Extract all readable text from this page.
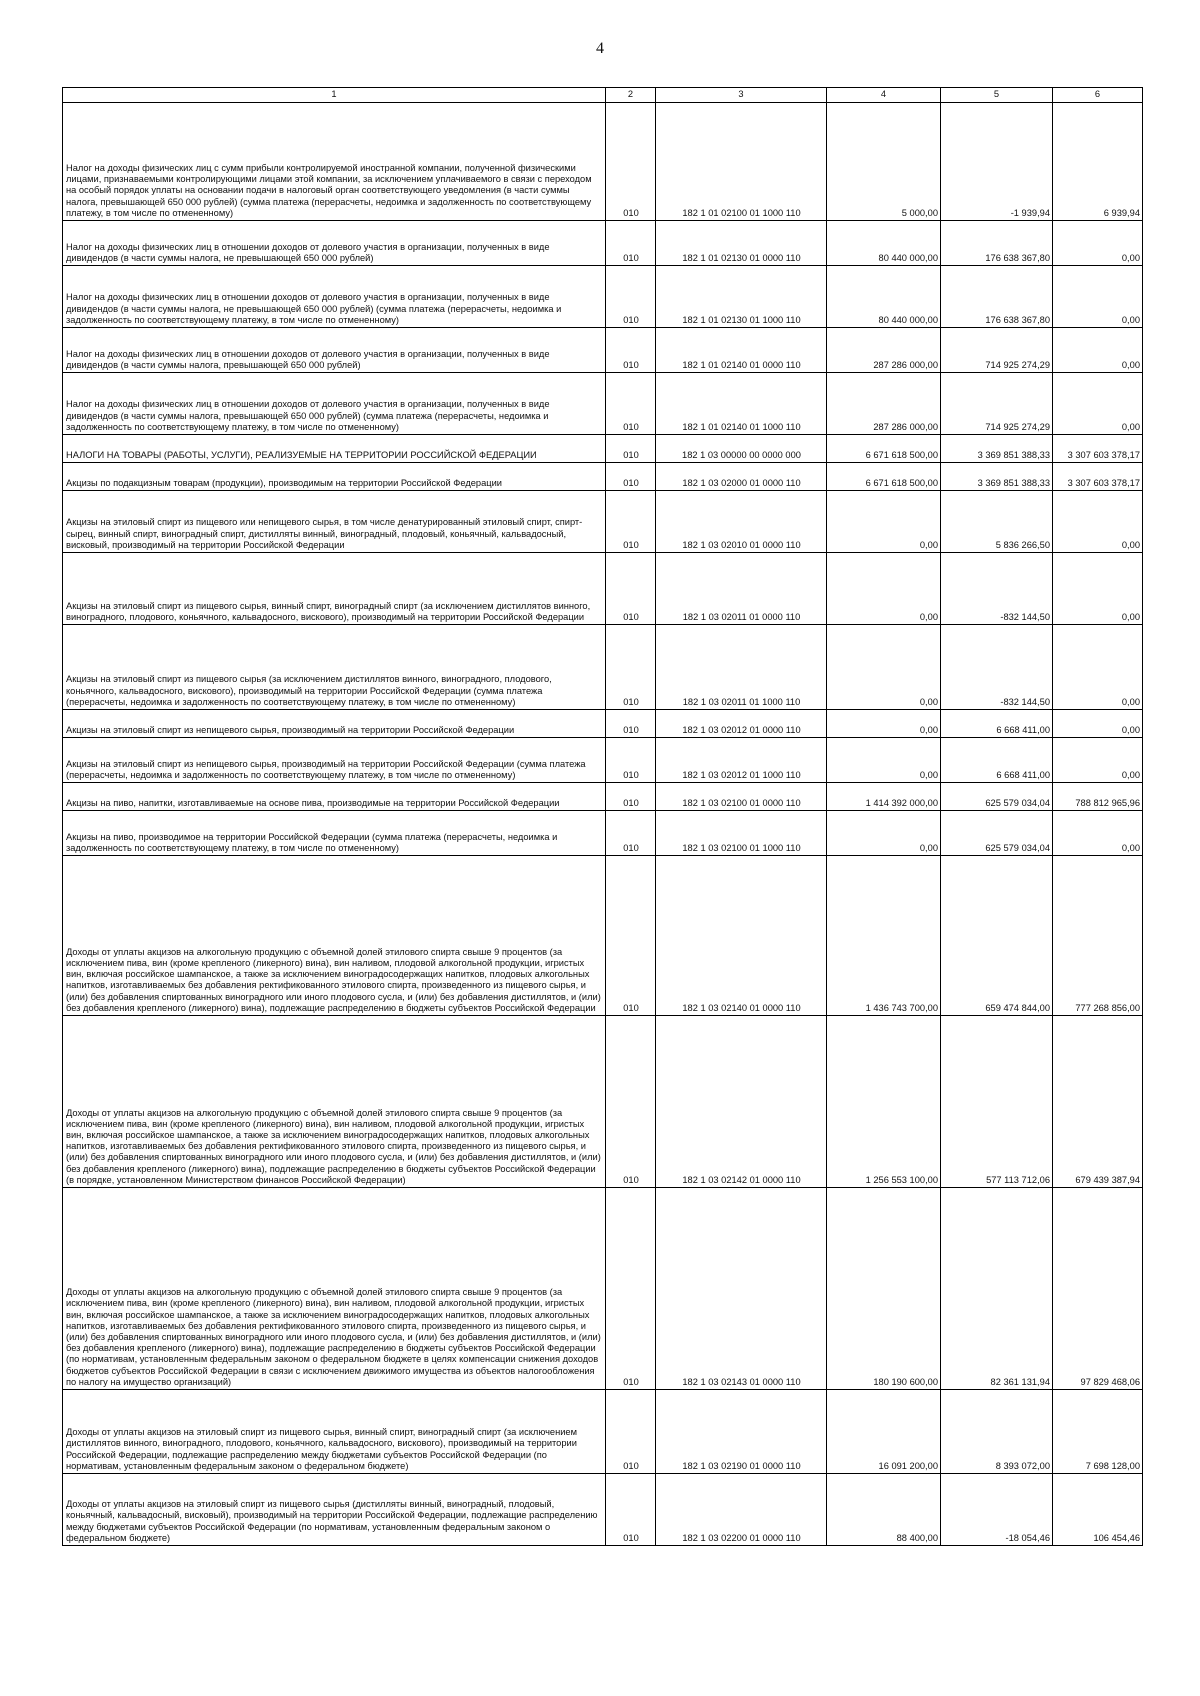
4
1	2	3	4	5	6
Налог на доходы физических лиц с сумм прибыли контролируемой иностранной компании, полученной физическими лицами, признаваемыми контролирующими лицами этой компании, за исключением уплачиваемого в связи с переходом на особый порядок уплаты на основании подачи в налоговый орган соответствующего уведомления (в части суммы налога, превышающей 650 000 рублей) (сумма платежа (перерасчеты, недоимка и задолженность по соответствующему платежу, в том числе по отмененному)	010	182 1 01 02100 01 1000 110	5 000,00	-1 939,94	6 939,94
Налог на доходы физических лиц в отношении доходов от долевого участия в организации, полученных в виде дивидендов (в части суммы налога, не превышающей 650 000 рублей)	010	182 1 01 02130 01 0000 110	80 440 000,00	176 638 367,80	0,00
Налог на доходы физических лиц в отношении доходов от долевого участия в организации, полученных в виде дивидендов (в части суммы налога, не превышающей 650 000 рублей) (сумма платежа (перерасчеты, недоимка и задолженность по соответствующему платежу, в том числе по отмененному)	010	182 1 01 02130 01 1000 110	80 440 000,00	176 638 367,80	0,00
Налог на доходы физических лиц в отношении доходов от долевого участия в организации, полученных в виде дивидендов (в части суммы налога, превышающей 650 000 рублей)	010	182 1 01 02140 01 0000 110	287 286 000,00	714 925 274,29	0,00
Налог на доходы физических лиц в отношении доходов от долевого участия в организации, полученных в виде дивидендов (в части суммы налога, превышающей 650 000 рублей) (сумма платежа (перерасчеты, недоимка и задолженность по соответствующему платежу, в том числе по отмененному)	010	182 1 01 02140 01 1000 110	287 286 000,00	714 925 274,29	0,00
НАЛОГИ НА ТОВАРЫ (РАБОТЫ, УСЛУГИ), РЕАЛИЗУЕМЫЕ НА ТЕРРИТОРИИ РОССИЙСКОЙ ФЕДЕРАЦИИ	010	182 1 03 00000 00 0000 000	6 671 618 500,00	3 369 851 388,33	3 307 603 378,17
Акцизы по подакцизным товарам (продукции), производимым на территории Российской Федерации	010	182 1 03 02000 01 0000 110	6 671 618 500,00	3 369 851 388,33	3 307 603 378,17
Акцизы на этиловый спирт из пищевого или непищевого сырья, в том числе денатурированный этиловый спирт, спирт-сырец, винный спирт, виноградный спирт, дистилляты винный, виноградный, плодовый, коньячный, кальвадосный, висковый, производимый на территории Российской Федерации	010	182 1 03 02010 01 0000 110	0,00	5 836 266,50	0,00
Акцизы на этиловый спирт из пищевого сырья, винный спирт, виноградный спирт (за исключением дистиллятов винного, виноградного, плодового, коньячного, кальвадосного, вискового), производимый на территории Российской Федерации	010	182 1 03 02011 01 0000 110	0,00	-832 144,50	0,00
Акцизы на этиловый спирт из пищевого сырья (за исключением дистиллятов винного, виноградного, плодового, коньячного, кальвадосного, вискового), производимый на территории Российской Федерации (сумма платежа (перерасчеты, недоимка и задолженность по соответствующему платежу, в том числе по отмененному)	010	182 1 03 02011 01 1000 110	0,00	-832 144,50	0,00
Акцизы на этиловый спирт из непищевого сырья, производимый на территории Российской Федерации	010	182 1 03 02012 01 0000 110	0,00	6 668 411,00	0,00
Акцизы на этиловый спирт из непищевого сырья, производимый на территории Российской Федерации (сумма платежа (перерасчеты, недоимка и задолженность по соответствующему платежу, в том числе по отмененному)	010	182 1 03 02012 01 1000 110	0,00	6 668 411,00	0,00
Акцизы на пиво, напитки, изготавливаемые на основе пива, производимые на территории Российской Федерации	010	182 1 03 02100 01 0000 110	1 414 392 000,00	625 579 034,04	788 812 965,96
Акцизы на пиво, производимое на территории Российской Федерации (сумма платежа (перерасчеты, недоимка и задолженность по соответствующему платежу, в том числе по отмененному)	010	182 1 03 02100 01 1000 110	0,00	625 579 034,04	0,00
Доходы от уплаты акцизов на алкогольную продукцию с объемной долей этилового спирта свыше 9 процентов (за исключением пива, вин (кроме крепленого (ликерного) вина), вин наливом, плодовой алкогольной продукции, игристых вин, включая российское шампанское, а также за исключением виноградосодержащих напитков, плодовых алкогольных напитков, изготавливаемых без добавления ректификованного этилового спирта, произведенного из пищевого сырья, и (или) без добавления спиртованных виноградного или иного плодового сусла, и (или) без добавления дистиллятов, и (или) без добавления крепленого (ликерного) вина), подлежащие распределению в бюджеты субъектов Российской Федерации	010	182 1 03 02140 01 0000 110	1 436 743 700,00	659 474 844,00	777 268 856,00
Доходы от уплаты акцизов на алкогольную продукцию с объемной долей этилового спирта свыше 9 процентов (за исключением пива, вин (кроме крепленого (ликерного) вина), вин наливом, плодовой алкогольной продукции, игристых вин, включая российское шампанское, а также за исключением виноградосодержащих напитков, плодовых алкогольных напитков, изготавливаемых без добавления ректификованного этилового спирта, произведенного из пищевого сырья, и (или) без добавления спиртованных виноградного или иного плодового сусла, и (или) без добавления дистиллятов, и (или) без добавления крепленого (ликерного) вина), подлежащие распределению в бюджеты субъектов Российской Федерации (в порядке, установленном Министерством финансов Российской Федерации)	010	182 1 03 02142 01 0000 110	1 256 553 100,00	577 113 712,06	679 439 387,94
Доходы от уплаты акцизов на алкогольную продукцию с объемной долей этилового спирта свыше 9 процентов (за исключением пива, вин (кроме крепленого (ликерного) вина), вин наливом, плодовой алкогольной продукции, игристых вин, включая российское шампанское, а также за исключением виноградосодержащих напитков, плодовых алкогольных напитков, изготавливаемых без добавления ректификованного этилового спирта, произведенного из пищевого сырья, и (или) без добавления спиртованных виноградного или иного плодового сусла, и (или) без добавления дистиллятов, и (или) без добавления крепленого (ликерного) вина), подлежащие распределению в бюджеты субъектов Российской Федерации (по нормативам, установленным федеральным законом о федеральном бюджете в целях компенсации снижения доходов бюджетов субъектов Российской Федерации в связи с исключением движимого имущества из объектов налогообложения по налогу на имущество организаций)	010	182 1 03 02143 01 0000 110	180 190 600,00	82 361 131,94	97 829 468,06
Доходы от уплаты акцизов на этиловый спирт из пищевого сырья, винный спирт, виноградный спирт (за исключением дистиллятов винного, виноградного, плодового, коньячного, кальвадосного, вискового), производимый на территории Российской Федерации, подлежащие распределению между бюджетами субъектов Российской Федерации (по нормативам, установленным федеральным законом о федеральном бюджете)	010	182 1 03 02190 01 0000 110	16 091 200,00	8 393 072,00	7 698 128,00
Доходы от уплаты акцизов на этиловый спирт из пищевого сырья (дистилляты винный, виноградный, плодовый, коньячный, кальвадосный, висковый), производимый на территории Российской Федерации, подлежащие распределению между бюджетами субъектов Российской Федерации (по нормативам, установленным федеральным законом о федеральном бюджете)	010	182 1 03 02200 01 0000 110	88 400,00	-18 054,46	106 454,46
